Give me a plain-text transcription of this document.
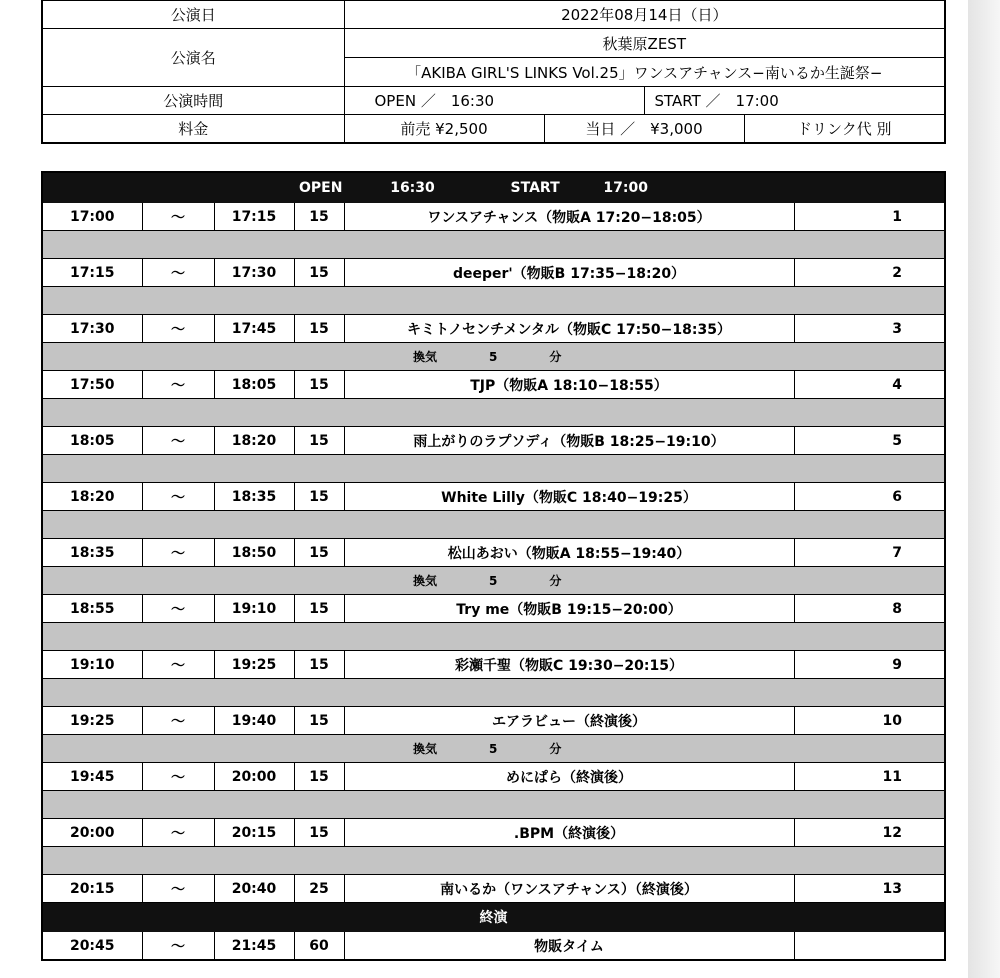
公演日	2022年08月14日（日）			
公演名	秋葉原ZEST			
	「AKIBA GIRL'S LINKS Vol.25」ワンスアチャンス−南いるか生誕祭−			
公演時間	OPEN ／　16:30		START ／　17:00	
料金	前売 ¥2,500	当日 ／　¥3,000		ドリンク代 別
OPEN 16:30 START 17:00					

17:00	〜	17:15	15	ワンスアチャンス（物販A 17:20−18:05）	1

17:15	〜	17:30	15	deeper'（物販B 17:35−18:20）	2

17:30	〜	17:45	15	キミトノセンチメンタル（物販C 17:50−18:35）	3
換気 5 分					
17:50	〜	18:05	15	TJP（物販A 18:10−18:55）	4

18:05	〜	18:20	15	雨上がりのラプソディ（物販B 18:25−19:10）	5

18:20	〜	18:35	15	White Lilly（物販C 18:40−19:25）	6

18:35	〜	18:50	15	松山あおい（物販A 18:55−19:40）	7
換気 5 分					
18:55	〜	19:10	15	Try me（物販B 19:15−20:00）	8

19:10	〜	19:25	15	彩瀬千聖（物販C 19:30−20:15）	9

19:25	〜	19:40	15	エアラビュー（終演後）	10
換気 5 分					
19:45	〜	20:00	15	めにぱら（終演後）	11

20:00	〜	20:15	15	.BPM（終演後）	12

20:15	〜	20:40	25	南いるか（ワンスアチャンス）（終演後）	13
終演					
20:45	〜	21:45	60	物販タイム	
